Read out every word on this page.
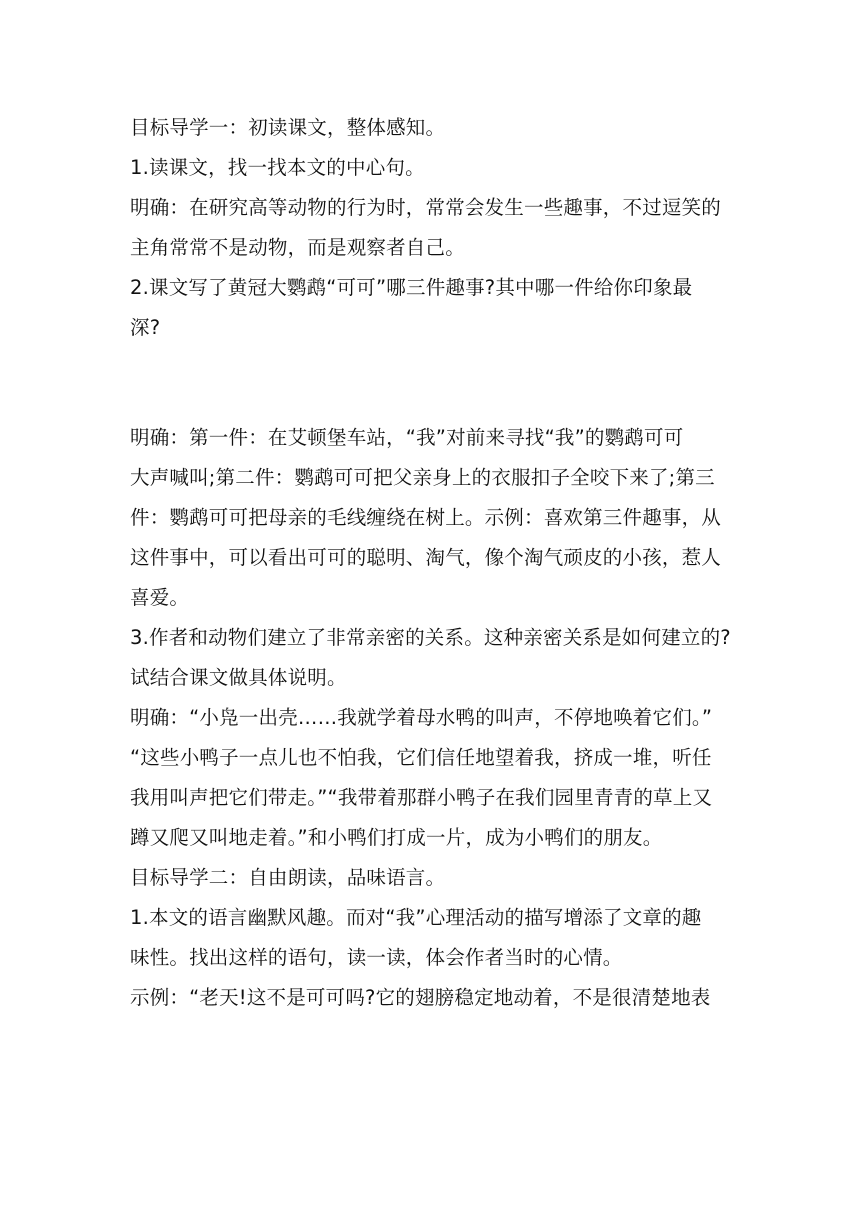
目标导学一：初读课文，整体感知。
1.读课文，找一找本文的中心句。
明确：在研究高等动物的行为时，常常会发生一些趣事，不过逗笑的
主角常常不是动物，而是观察者自己。
2.课文写了黄冠大鹦鹉“可可”哪三件趣事?其中哪一件给你印象最
深?
明确：第一件：在艾顿堡车站，“我”对前来寻找“我”的鹦鹉可可
大声喊叫;第二件：鹦鹉可可把父亲身上的衣服扣子全咬下来了;第三
件：鹦鹉可可把母亲的毛线缠绕在树上。示例：喜欢第三件趣事，从
这件事中，可以看出可可的聪明、淘气，像个淘气顽皮的小孩，惹人
喜爱。
3.作者和动物们建立了非常亲密的关系。这种亲密关系是如何建立的?
试结合课文做具体说明。
明确：“小凫一出壳……我就学着母水鸭的叫声，不停地唤着它们。”
“这些小鸭子一点儿也不怕我，它们信任地望着我，挤成一堆，听任
我用叫声把它们带走。”“我带着那群小鸭子在我们园里青青的草上又
蹲又爬又叫地走着。”和小鸭们打成一片，成为小鸭们的朋友。
目标导学二：自由朗读，品味语言。
1.本文的语言幽默风趣。而对“我”心理活动的描写增添了文章的趣
味性。找出这样的语句，读一读，体会作者当时的心情。
示例：“老天!这不是可可吗?它的翅膀稳定地动着，不是很清楚地表
